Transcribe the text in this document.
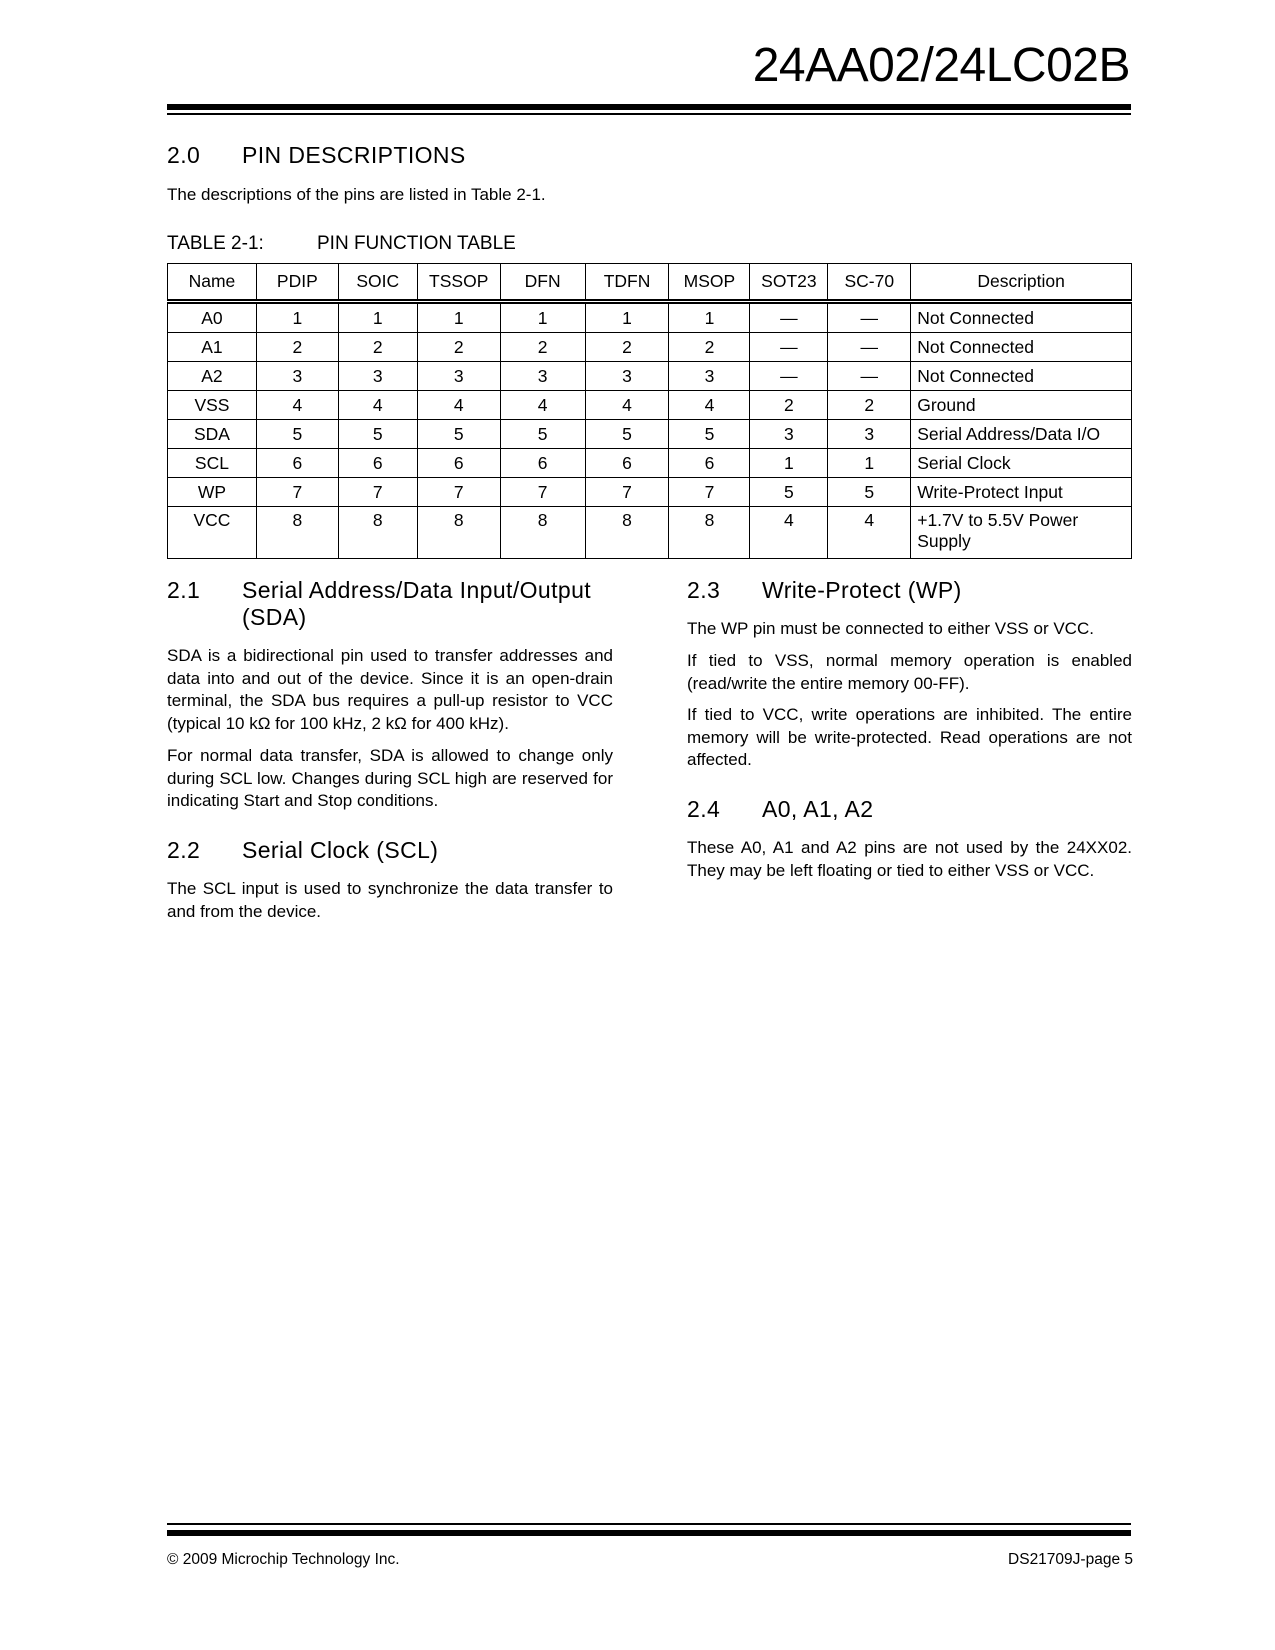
24AA02/24LC02B
2.0 PIN DESCRIPTIONS

The descriptions of the pins are listed in Table 2-1.

TABLE 2-1:	PIN FUNCTION TABLE

Name	PDIP	SOIC	TSSOP	DFN	TDFN	MSOP	SOT23	SC-70	Description
A0	1	1	1	1	1	1	—	—	Not Connected
A1	2	2	2	2	2	2	—	—	Not Connected
A2	3	3	3	3	3	3	—	—	Not Connected
VSS	4	4	4	4	4	4	2	2	Ground
SDA	5	5	5	5	5	5	3	3	Serial Address/Data I/O
SCL	6	6	6	6	6	6	1	1	Serial Clock
WP	7	7	7	7	7	7	5	5	Write-Protect Input
VCC	8	8	8	8	8	8	4	4	+1.7V to 5.5V Power Supply
2.1 Serial Address/Data Input/Output
(SDA)

SDA is a bidirectional pin used to transfer addresses and data into and out of the device. Since it is an open-drain terminal, the SDA bus requires a pull-up resistor to VCC (typical 10 kΩ for 100 kHz, 2 kΩ for 400 kHz).

For normal data transfer, SDA is allowed to change only during SCL low. Changes during SCL high are reserved for indicating Start and Stop conditions.

2.2 Serial Clock (SCL)

The SCL input is used to synchronize the data transfer to and from the device.

2.3 Write-Protect (WP)

The WP pin must be connected to either VSS or VCC.

If tied to VSS, normal memory operation is enabled (read/write the entire memory 00-FF).

If tied to VCC, write operations are inhibited. The entire memory will be write-protected. Read operations are not affected.

2.4 A0, A1, A2

These A0, A1 and A2 pins are not used by the 24XX02. They may be left floating or tied to either VSS or VCC.

© 2009 Microchip Technology Inc.	DS21709J-page 5
